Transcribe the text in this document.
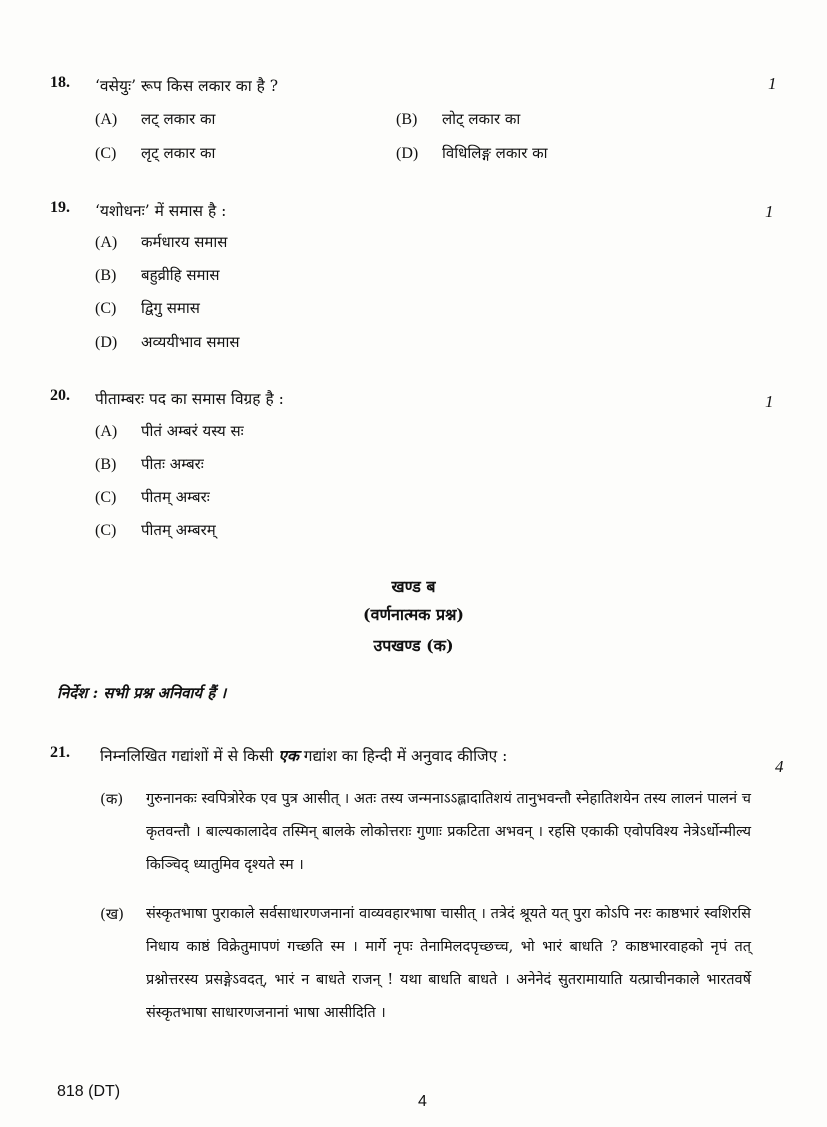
18. ‘वसेयुः’ रूप किस लकार का है ?	1
(A) लट् लकार का	(B) लोट् लकार का
(C) लृट् लकार का	(D) विधिलिङ्ग लकार का
19. ‘यशोधनः’ में समास है :	1
(A) कर्मधारय समास
(B) बहुव्रीहि समास
(C) द्विगु समास
(D) अव्ययीभाव समास
20. पीताम्बरः पद का समास विग्रह है :	1
(A) पीतं अम्बरं यस्य सः
(B) पीतः अम्बरः
(C) पीतम् अम्बरः
(C) पीतम् अम्बरम्
खण्ड ब
(वर्णनात्मक प्रश्न)
उपखण्ड (क)
निर्देश : सभी प्रश्न अनिवार्य हैं ।
21. निम्नलिखित गद्यांशों में से किसी एक गद्यांश का हिन्दी में अनुवाद कीजिए :
4
(क) गुरुनानकः स्वपित्रोरेक एव पुत्र आसीत् । अतः तस्य जन्मनाऽऽह्लादातिशयं तानुभवन्तौ स्नेहातिशयेन तस्य लालनं पालनं च कृतवन्तौ । बाल्यकालादेव तस्मिन् बालके लोकोत्तराः गुणाः प्रकटिता अभवन् । रहसि एकाकी एवोपविश्य नेत्रेऽर्धोन्मील्य किञ्चिद् ध्यातुमिव दृश्यते स्म ।
(ख) संस्कृतभाषा पुराकाले सर्वसाधारणजनानां वाव्यवहारभाषा चासीत् । तत्रेदं श्रूयते यत् पुरा कोऽपि नरः काष्ठभारं स्वशिरसि निधाय काष्ठं विक्रेतुमापणं गच्छति स्म । मार्गे नृपः तेनामिलदपृच्छच्च, भो भारं बाधति ? काष्ठभारवाहको नृपं तत् प्रश्नोत्तरस्य प्रसङ्गेऽवदत्, भारं न बाधते राजन् ! यथा बाधति बाधते । अनेनेदं सुतरामायाति यत्प्राचीनकाले भारतवर्षे संस्कृतभाषा साधारणजनानां भाषा आसीदिति ।
818 (DT)
4
